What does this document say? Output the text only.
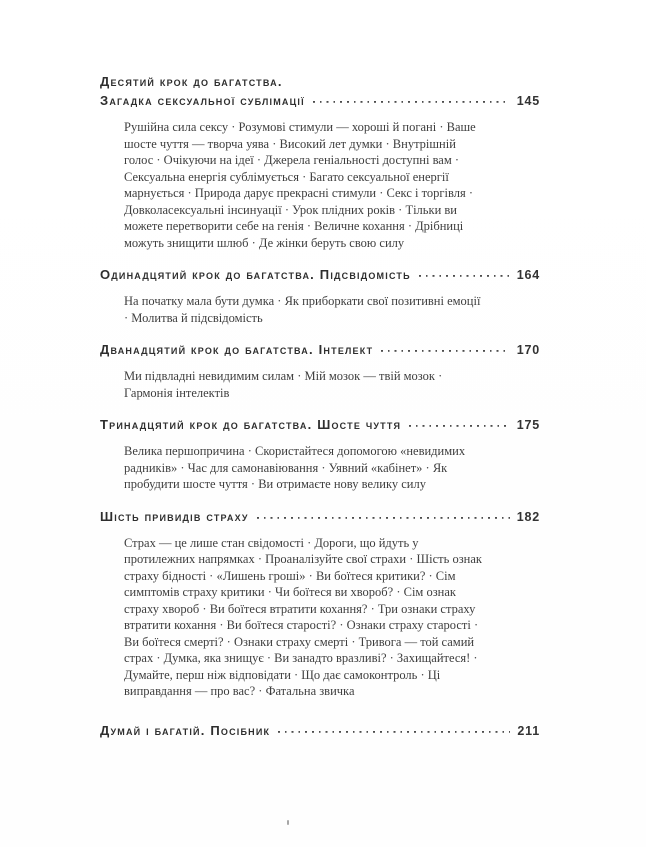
Десятий крок до багатства.
Загадка сексуальної сублімації	145

Рушійна сила сексу · Розумові стимули — хороші й погані · Ваше шосте чуття — творча уява · Високий лет думки · Внутрішній голос · Очікуючи на ідеї · Джерела геніальності доступні вам · Сексуальна енергія сублімується · Багато сексуальної енергії марнується · Природа дарує прекрасні стимули · Секс і торгівля · Довколасексуальні інсинуації · Урок плідних років · Тільки ви можете перетворити себе на генія · Величне кохання · Дрібниці можуть знищити шлюб · Де жінки беруть свою силу

Одинадцятий крок до багатства. Підсвідомість	164

На початку мала бути думка · Як приборкати свої позитивні емоції · Молитва й підсвідомість

Дванадцятий крок до багатства. Інтелект	170

Ми підвладні невидимим силам · Мій мозок — твій мозок · Гармонія інтелектів

Тринадцятий крок до багатства. Шосте чуття	175

Велика першопричина · Скористайтеся допомогою «невидимих радників» · Час для самонавіювання · Уявний «кабінет» · Як пробудити шосте чуття · Ви отримаєте нову велику силу

Шість привидів страху	182

Страх — це лише стан свідомості · Дороги, що йдуть у протилежних напрямках · Проаналізуйте свої страхи · Шість ознак страху бідності · «Лишень гроші» · Ви боїтеся критики? · Сім симптомів страху критики · Чи боїтеся ви хвороб? · Сім ознак страху хвороб · Ви боїтеся втратити кохання? · Три ознаки страху втратити кохання · Ви боїтеся старості? · Ознаки страху старості · Ви боїтеся смерті? · Ознаки страху смерті · Тривога — той самий страх · Думка, яка знищує · Ви занадто вразливі? · Захищайтеся! · Думайте, перш ніж відповідати · Що дає самоконтроль · Ці виправдання — про вас? · Фатальна звичка

Думай і багатій. Посібник	211
